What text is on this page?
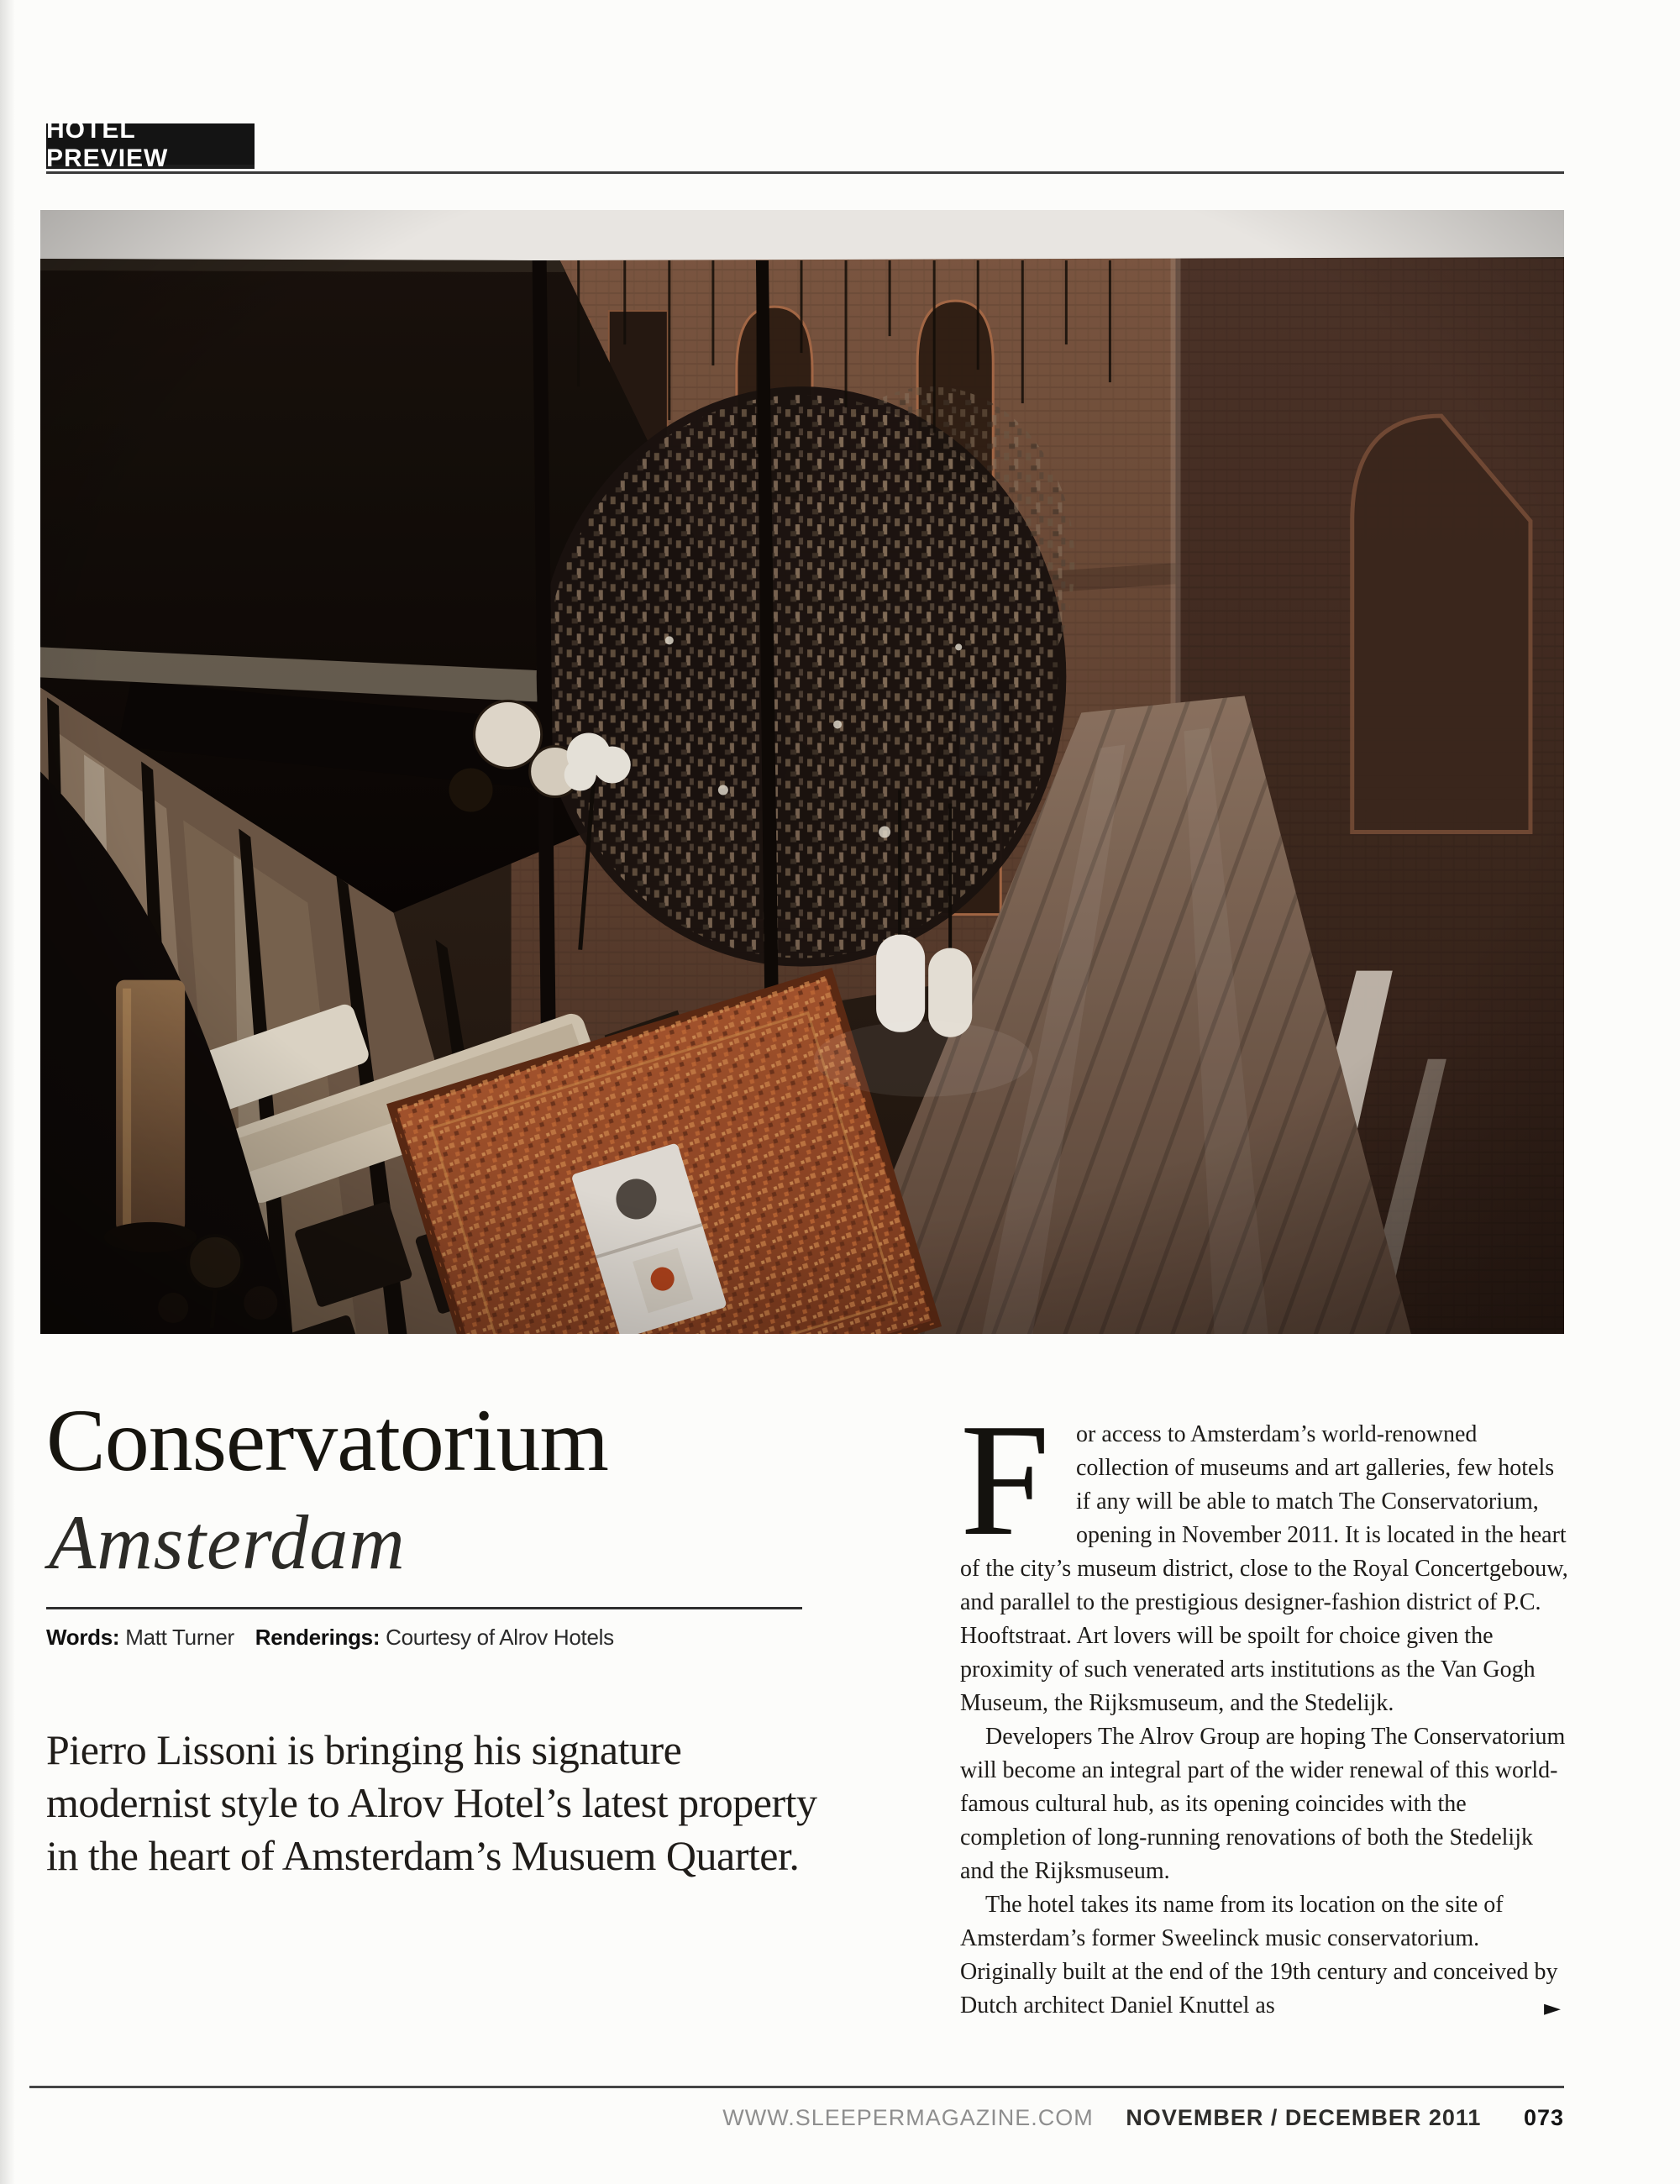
HOTEL PREVIEW
Conservatorium
Amsterdam
Words: Matt Turner Renderings: Courtesy of Alrov Hotels
Pierro Lissoni is bringing his signature modernist style to Alrov Hotel’s latest property in the heart of Amsterdam’s Musuem Quarter.

F	or access to Amsterdam’s world-renowned collection of museums and art galleries, few hotels if any will be able to match The Conservatorium, opening in November 2011. It is located in the heart of the city’s museum district, close to the Royal Concertgebouw, and parallel to the prestigious designer-fashion district of P.C. Hooftstraat. Art lovers will be spoilt for choice given the proximity of such venerated arts institutions as the Van Gogh Museum, the Rijksmuseum, and the Stedelijk.

Developers The Alrov Group are hoping The Conservatorium will become an integral part of the wider renewal of this world-famous cultural hub, as its opening coincides with the completion of long-running renovations of both the Stedelijk and the Rijksmuseum.

The hotel takes its name from its location on the site of Amsterdam’s former Sweelinck music conservatorium. Originally built at the end of the 19th century and conceived by Dutch architect Daniel Knuttel as	►
WWW.SLEEPERMAGAZINE.COM NOVEMBER / DECEMBER 2011 073
